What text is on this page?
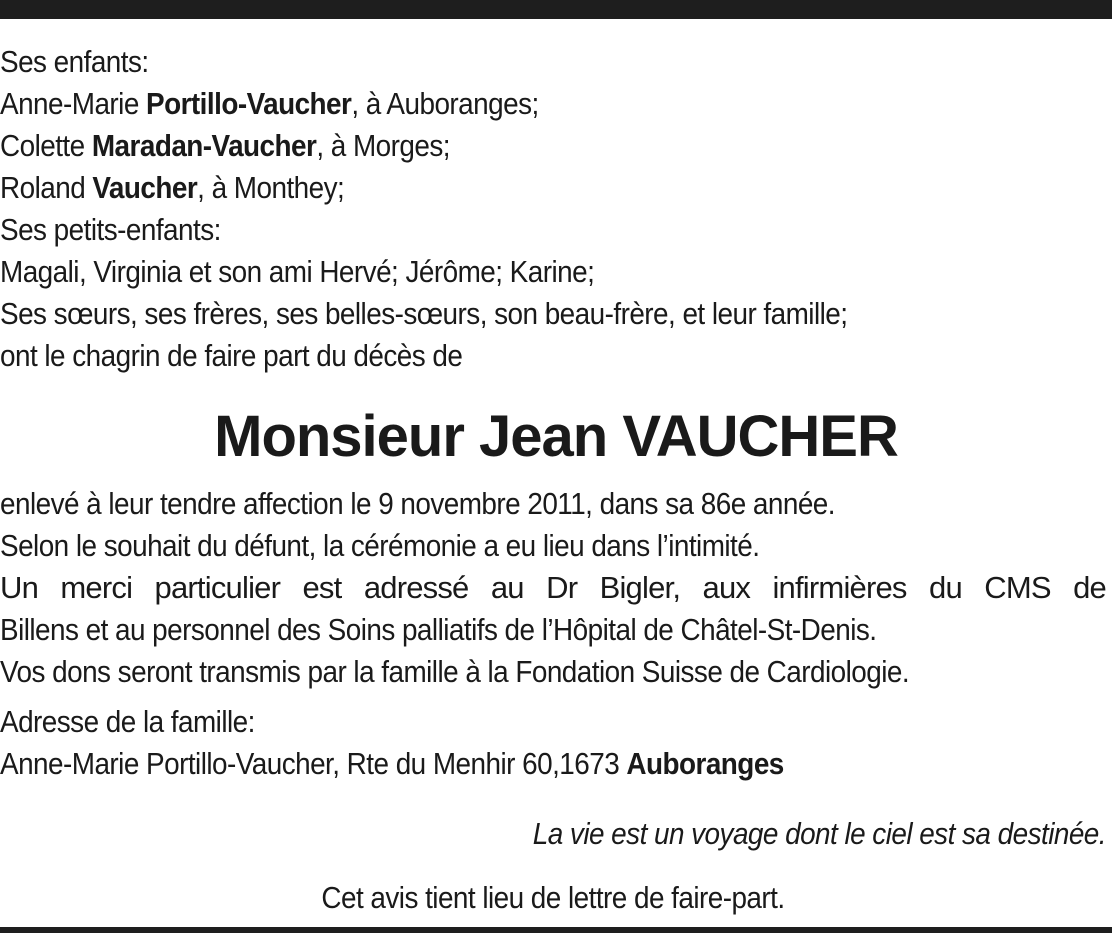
Ses enfants:
Anne-Marie Portillo-Vaucher, à Auboranges;
Colette Maradan-Vaucher, à Morges;
Roland Vaucher, à Monthey;
Ses petits-enfants:
Magali, Virginia et son ami Hervé; Jérôme; Karine;
Ses sœurs, ses frères, ses belles-sœurs, son beau-frère, et leur famille;
ont le chagrin de faire part du décès de
Monsieur Jean VAUCHER
enlevé à leur tendre affection le 9 novembre 2011, dans sa 86e année.
Selon le souhait du défunt, la cérémonie a eu lieu dans l’intimité.
Un merci particulier est adressé au Dr Bigler, aux infirmières du CMS de
Billens et au personnel des Soins palliatifs de l’Hôpital de Châtel-St-Denis.
Vos dons seront transmis par la famille à la Fondation Suisse de Cardiologie.
Adresse de la famille:
Anne-Marie Portillo-Vaucher, Rte du Menhir 60,1673 Auboranges
La vie est un voyage dont le ciel est sa destinée.
Cet avis tient lieu de lettre de faire-part.
